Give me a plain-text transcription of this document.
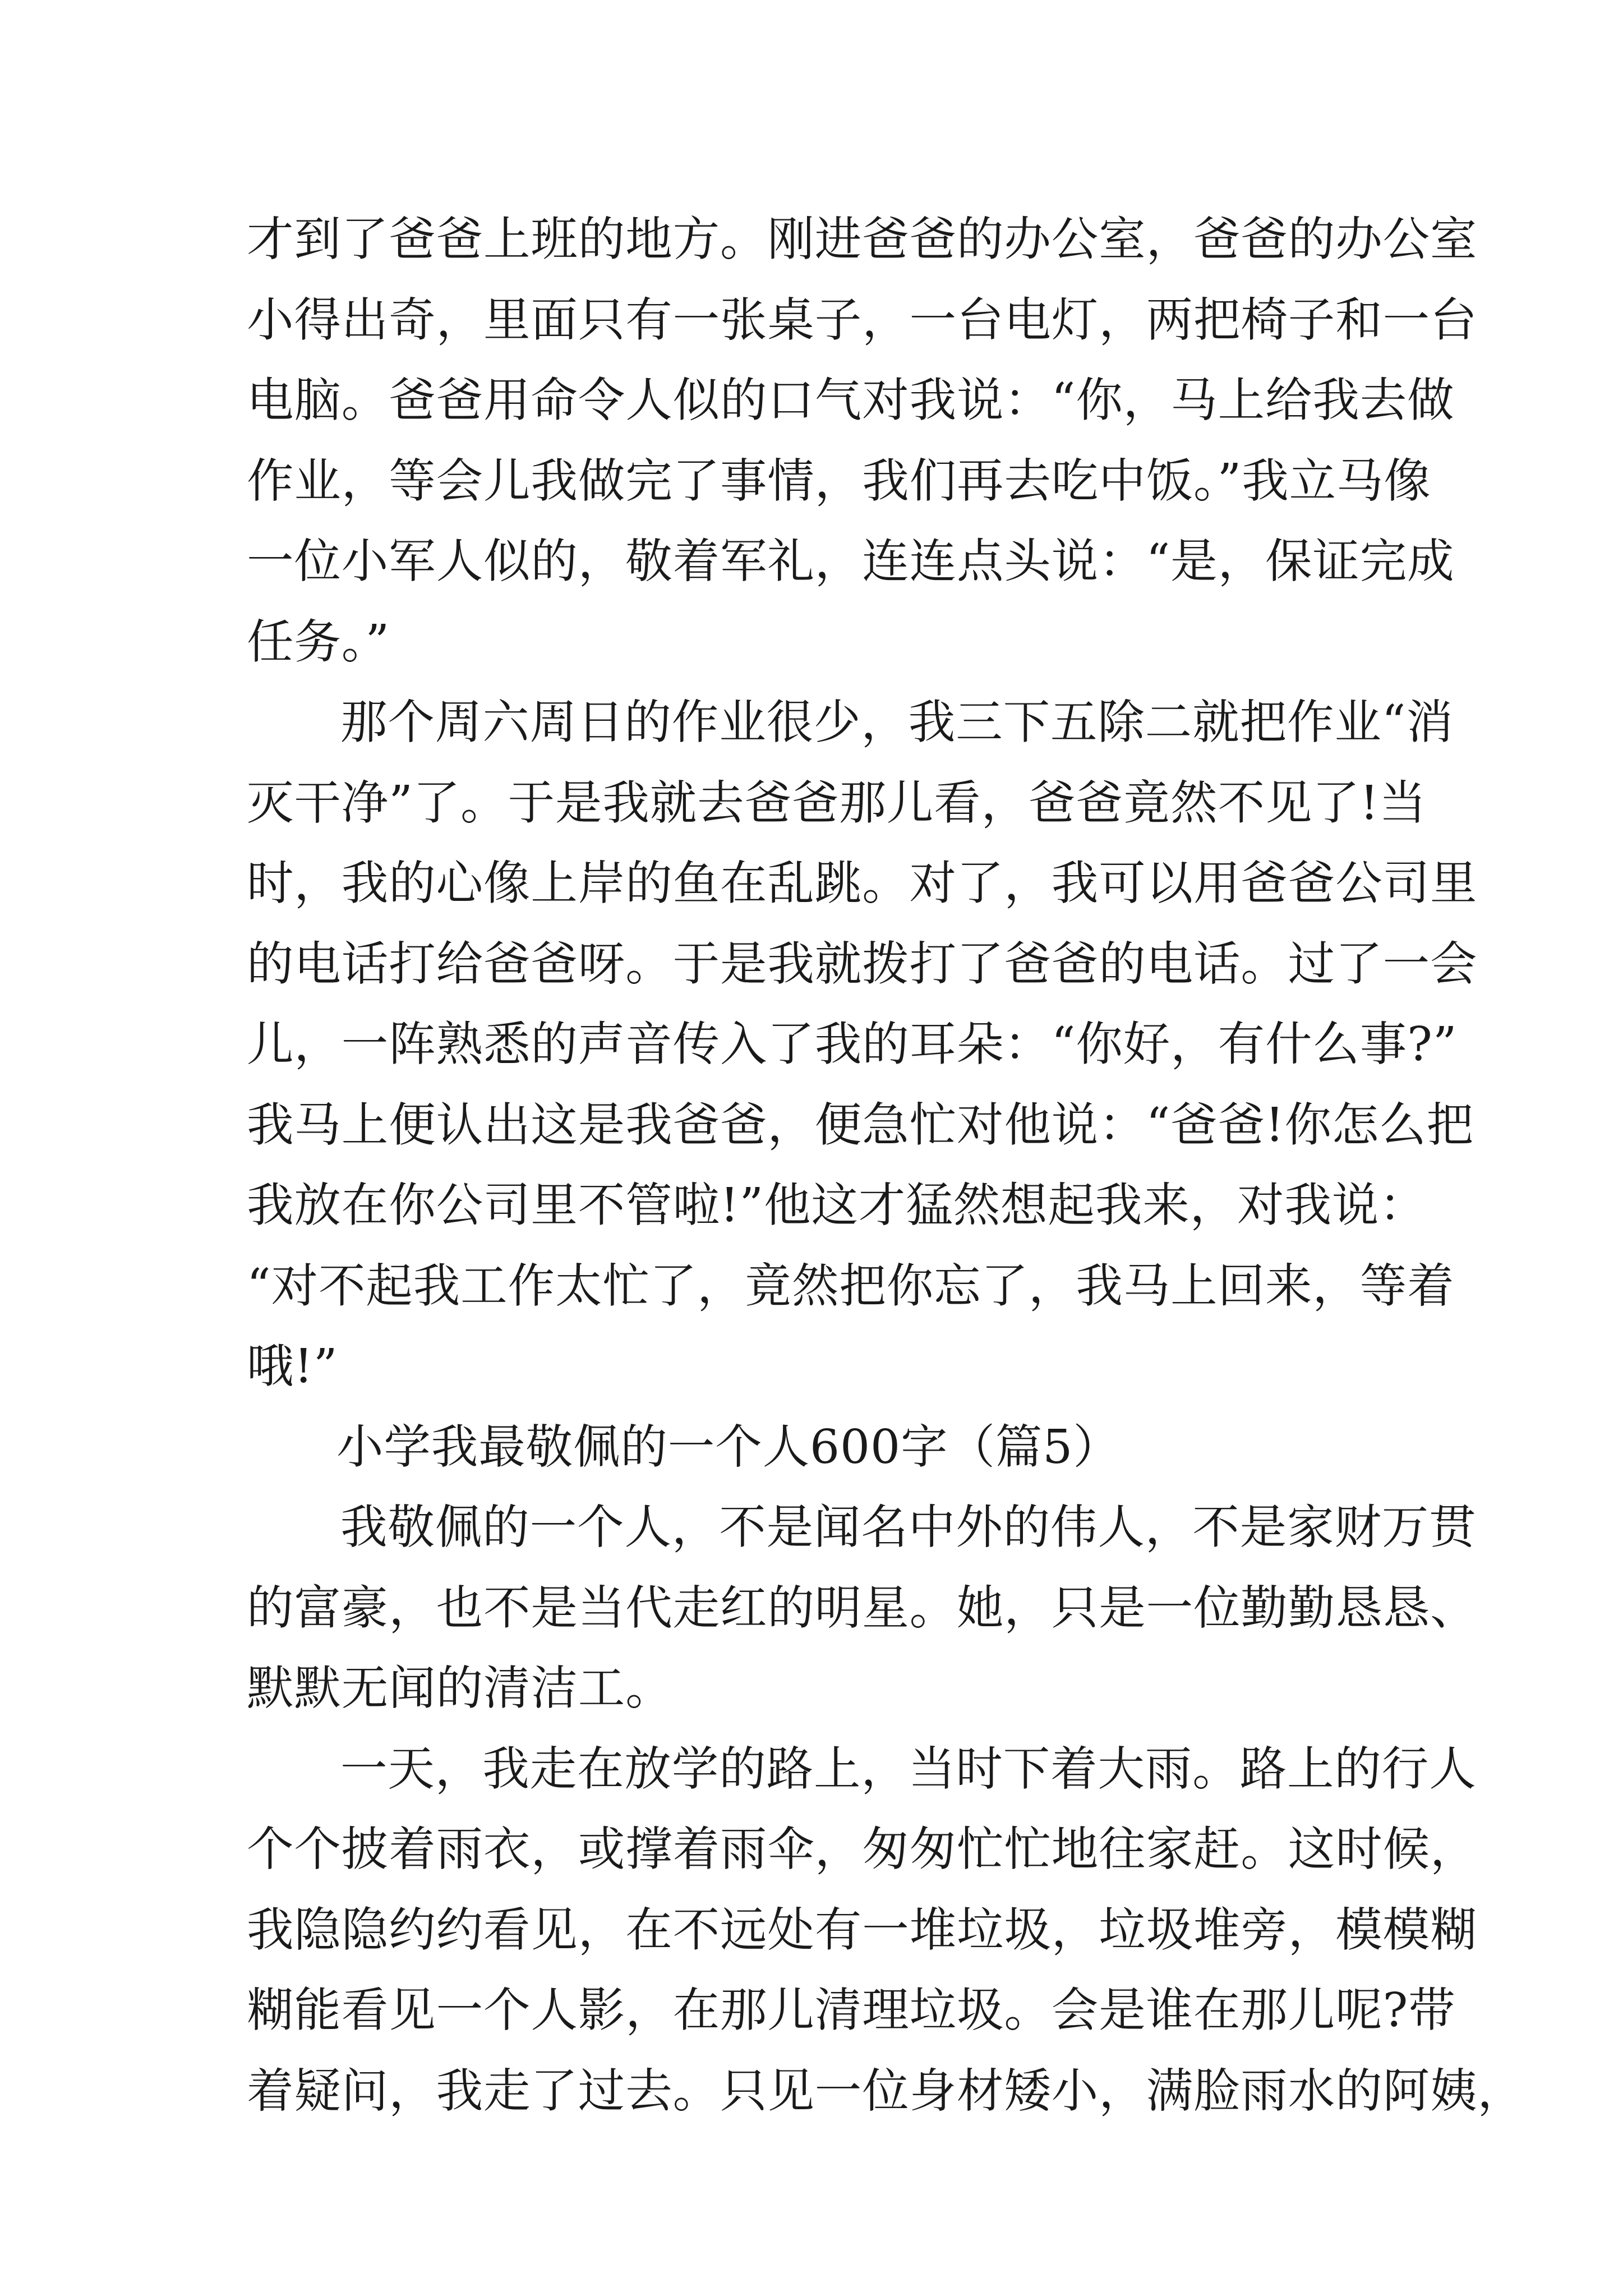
才到了爸爸上班的地方。刚进爸爸的办公室，爸爸的办公室
小得出奇，里面只有一张桌子，一台电灯，两把椅子和一台
电脑。爸爸用命令人似的口气对我说：“你，马上给我去做
作业，等会儿我做完了事情，我们再去吃中饭。”我立马像
一位小军人似的，敬着军礼，连连点头说：“是，保证完成
任务。”
那个周六周日的作业很少，我三下五除二就把作业“消
灭干净”了。于是我就去爸爸那儿看，爸爸竟然不见了!当
时，我的心像上岸的鱼在乱跳。对了，我可以用爸爸公司里
的电话打给爸爸呀。于是我就拨打了爸爸的电话。过了一会
儿，一阵熟悉的声音传入了我的耳朵：“你好，有什么事?”
我马上便认出这是我爸爸，便急忙对他说：“爸爸!你怎么把
我放在你公司里不管啦!”他这才猛然想起我来，对我说：
“对不起我工作太忙了，竟然把你忘了，我马上回来，等着
哦!”
小学我最敬佩的一个人600字（篇5）
我敬佩的一个人，不是闻名中外的伟人，不是家财万贯
的富豪，也不是当代走红的明星。她，只是一位勤勤恳恳、
默默无闻的清洁工。
一天，我走在放学的路上，当时下着大雨。路上的行人
个个披着雨衣，或撑着雨伞，匆匆忙忙地往家赶。这时候，
我隐隐约约看见，在不远处有一堆垃圾，垃圾堆旁，模模糊
糊能看见一个人影，在那儿清理垃圾。会是谁在那儿呢?带
着疑问，我走了过去。只见一位身材矮小，满脸雨水的阿姨，
